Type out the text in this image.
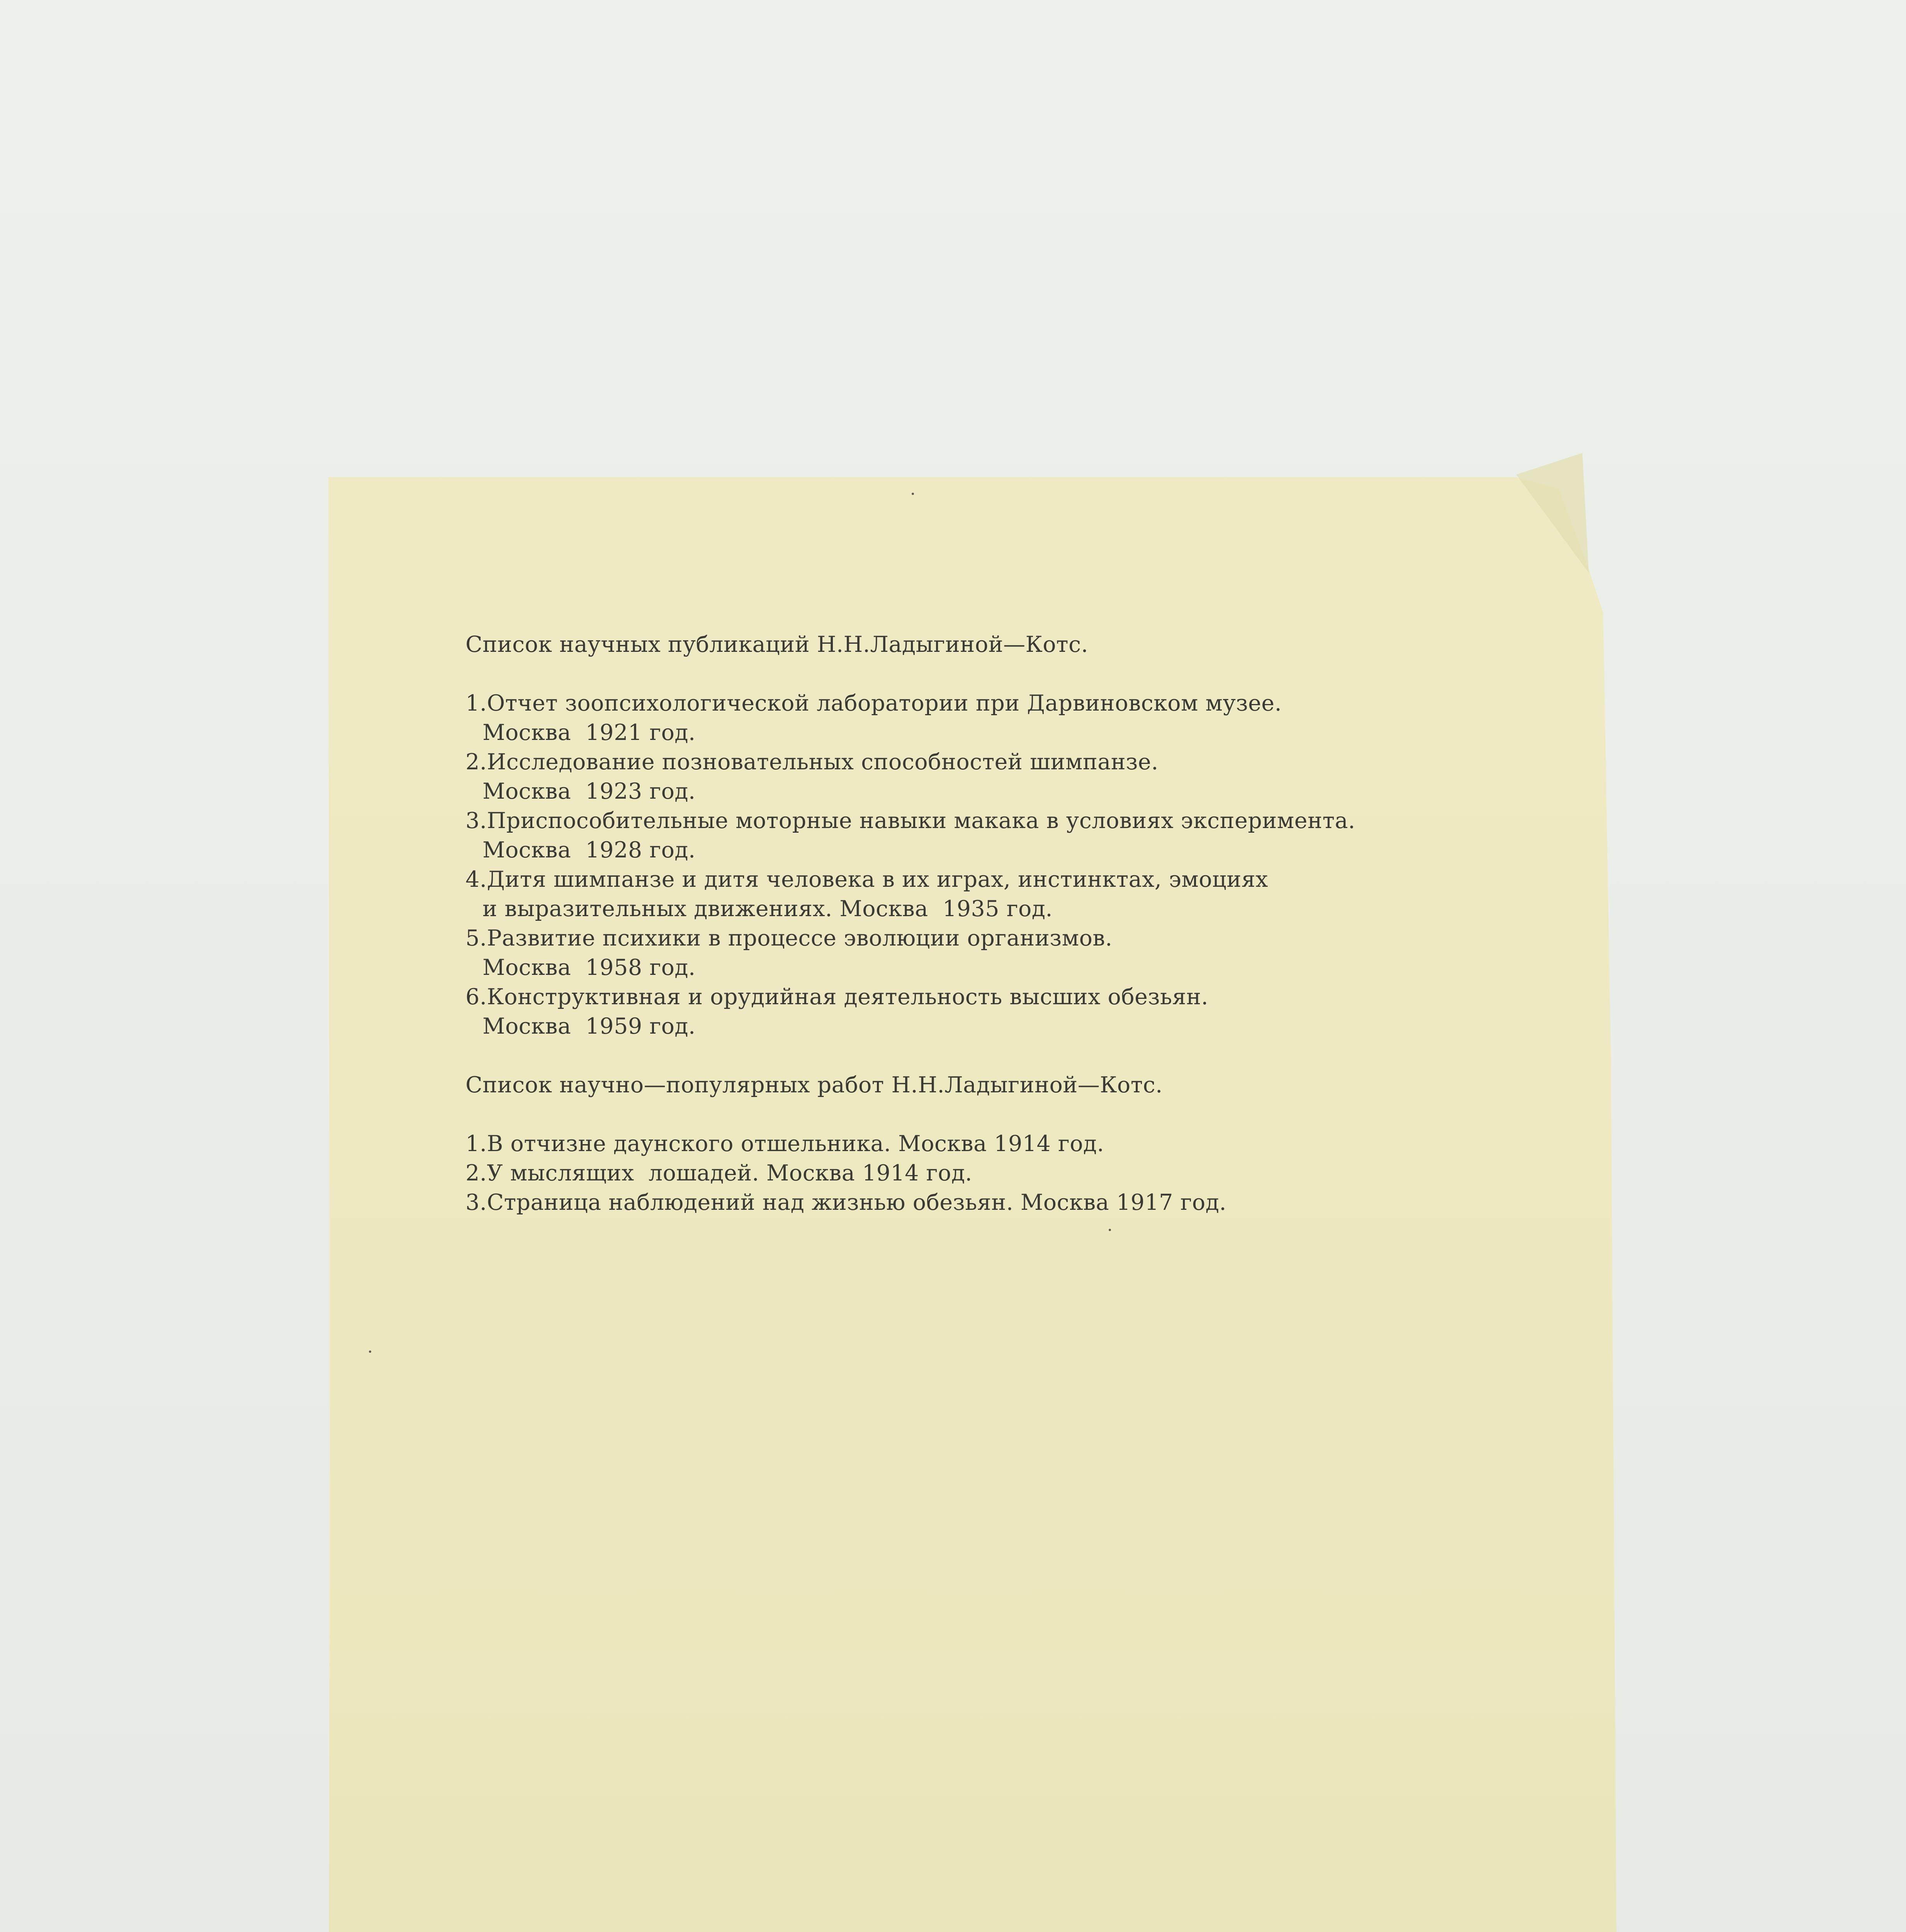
Список научных публикаций Н.Н.Ладыгиной—Котс.
1.Отчет зоопсихологической лаборатории при Дарвиновском музее.
Москва  1921 год.
2.Исследование позновательных способностей шимпанзе.
Москва  1923 год.
3.Приспособительные моторные навыки макака в условиях эксперимента.
Москва  1928 год.
4.Дитя шимпанзе и дитя человека в их играх, инстинктах, эмоциях
и выразительных движениях. Москва  1935 год.
5.Развитие психики в процессе эволюции организмов.
Москва  1958 год.
6.Конструктивная и орудийная деятельность высших обезьян.
Москва  1959 год.
Список научно—популярных работ Н.Н.Ладыгиной—Котс.
1.В отчизне даунского отшельника. Москва 1914 год.
2.У мыслящих  лошадей. Москва 1914 год.
3.Страница наблюдений над жизнью обезьян. Москва 1917 год.
